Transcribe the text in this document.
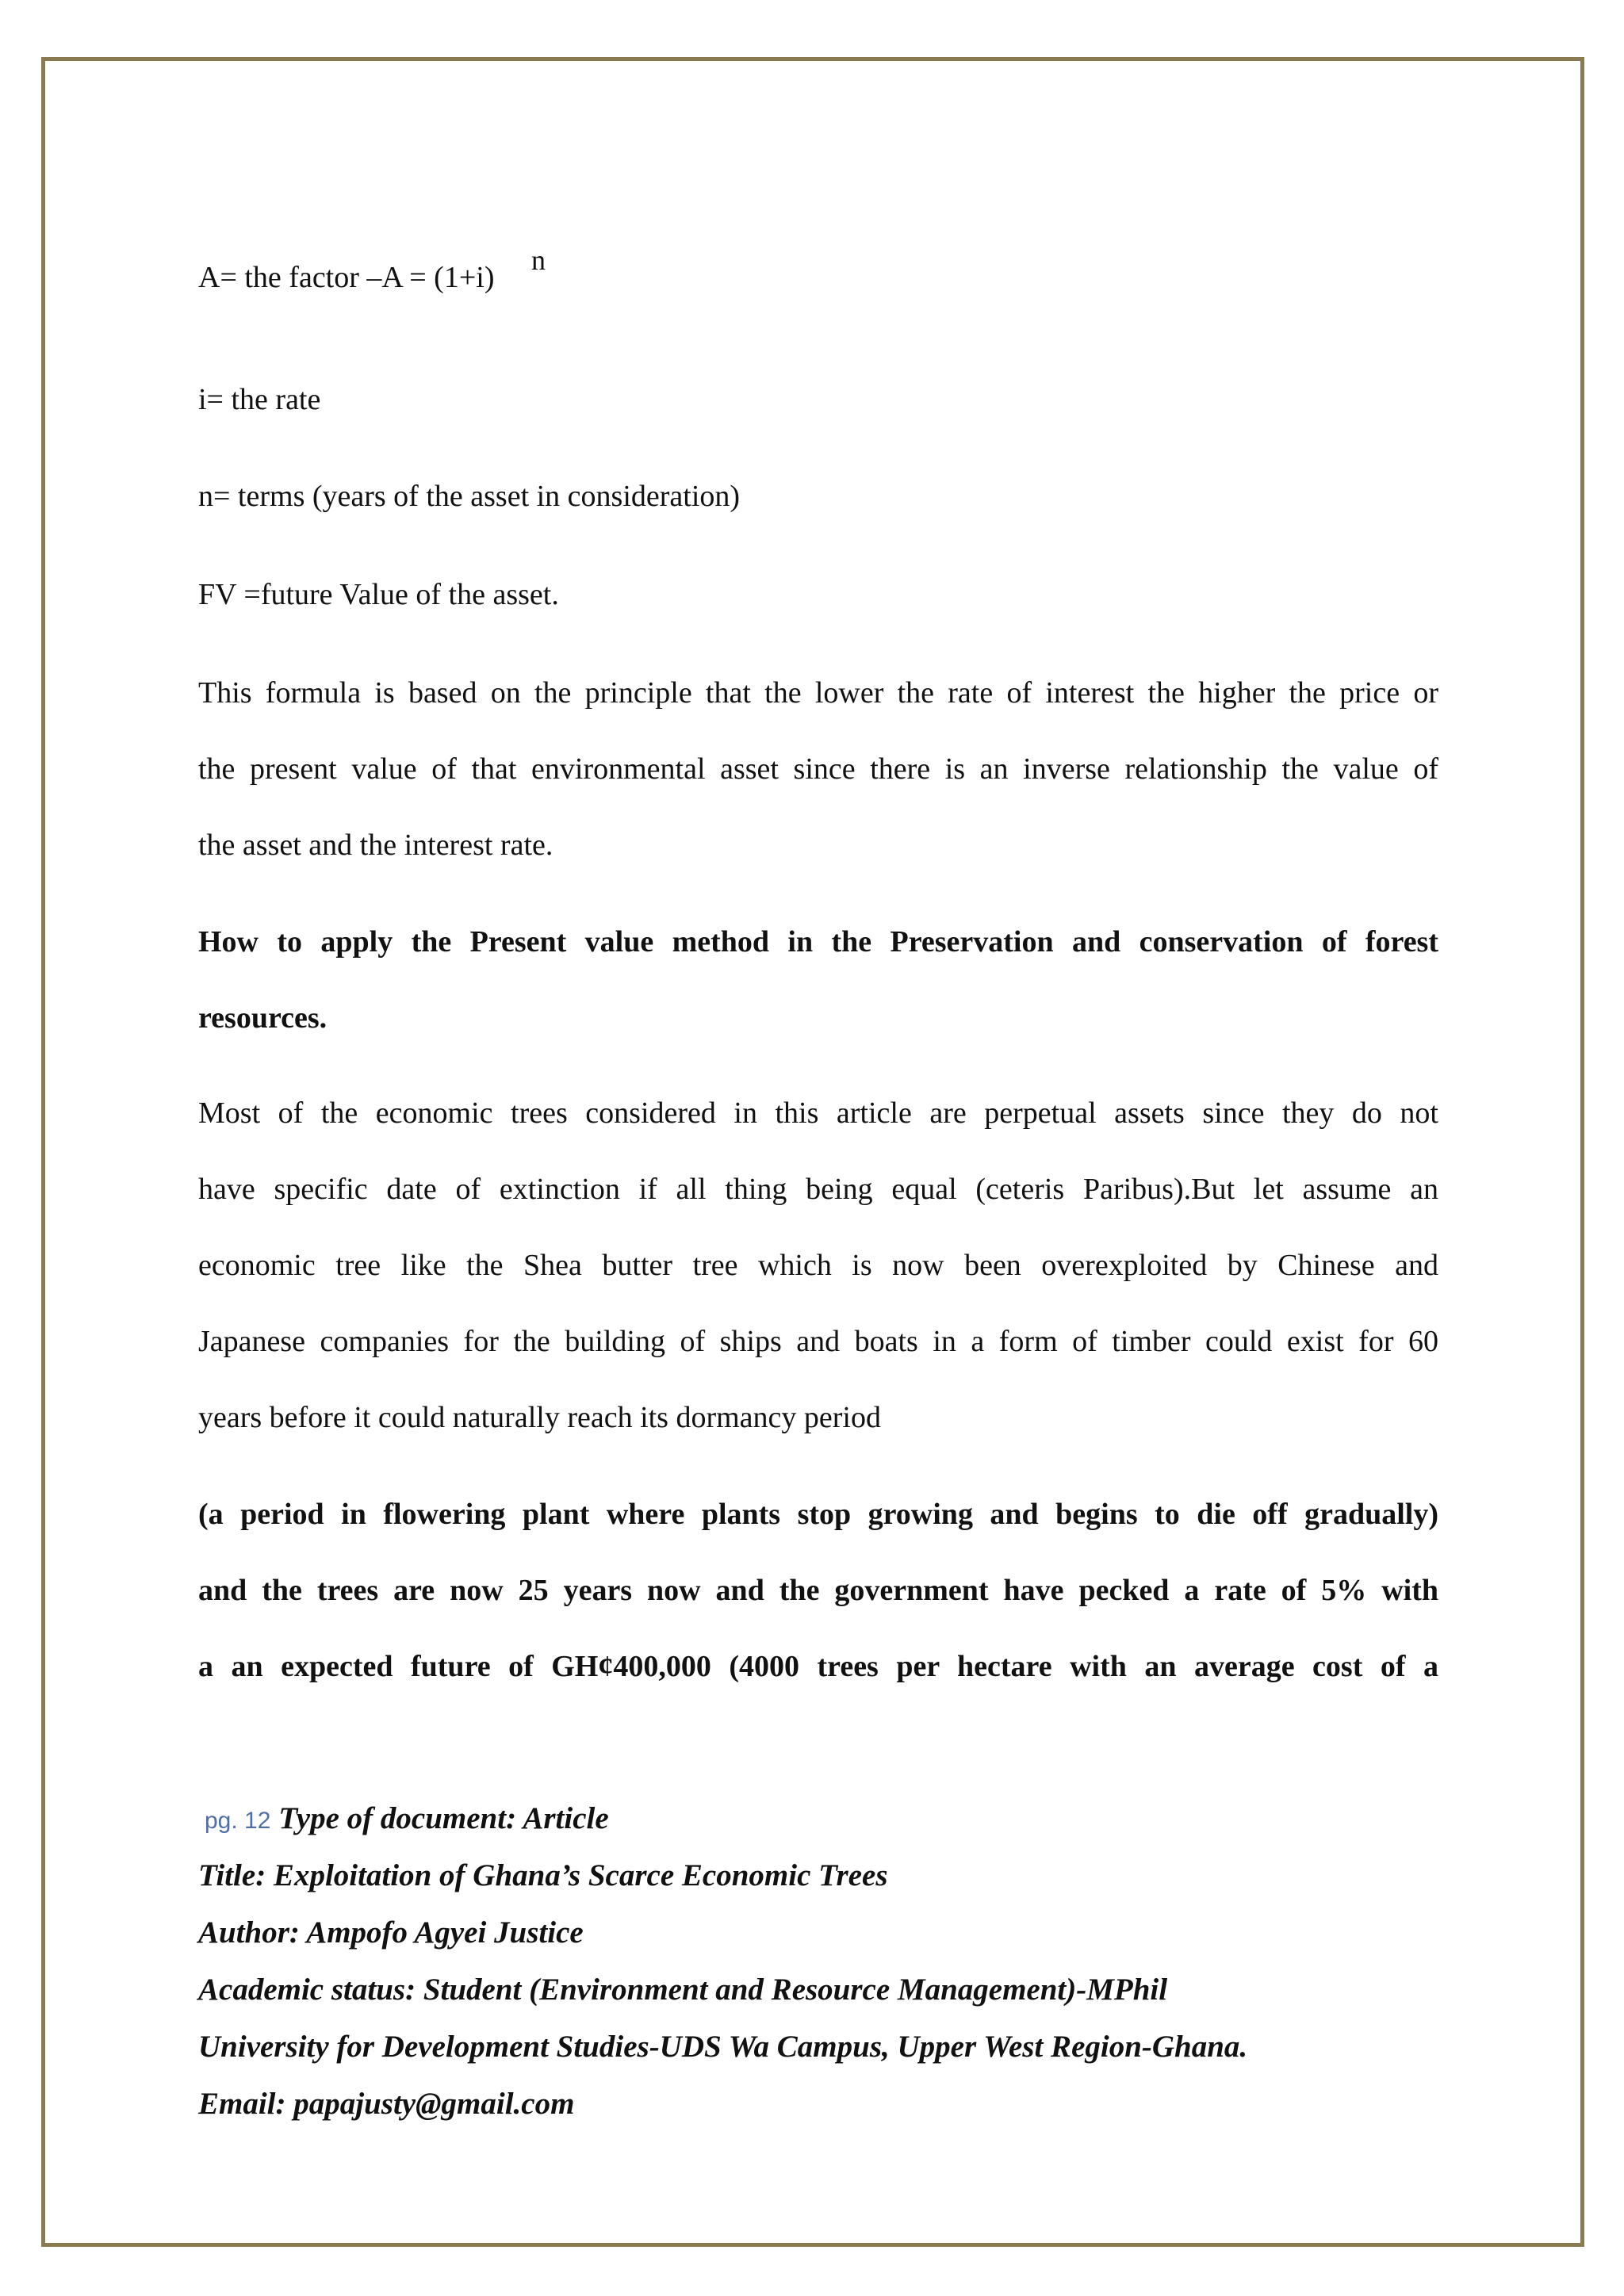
A= the factor –A = (1+i)
n
i= the rate
n= terms (years of the asset in consideration)
FV =future Value of the asset.
This formula is based on the principle that the lower the rate of interest the higher the price or
the present value of that environmental asset since there is an inverse relationship the value of
the asset and the interest rate.
How to apply the Present value method in the Preservation and conservation of forest
resources.
Most of the economic trees considered in this article are perpetual assets since they do not
have specific date of extinction if all thing being equal (ceteris Paribus).But let assume an
economic tree like the Shea butter tree which is now been overexploited by Chinese and
Japanese companies for the building of ships and boats in a form of timber could exist for 60
years before it could naturally reach its dormancy period
(a period in flowering plant where plants stop growing and begins to die off gradually)
and the trees are now 25 years now and the government have pecked a rate of 5% with
a an expected future of GH¢400,000 (4000 trees per hectare with an average cost of a
pg. 12 Type of document: Article
Title: Exploitation of Ghana’s Scarce Economic Trees
Author: Ampofo Agyei Justice
Academic status: Student (Environment and Resource Management)-MPhil
University for Development Studies-UDS Wa Campus, Upper West Region-Ghana.
Email: papajusty@gmail.com
